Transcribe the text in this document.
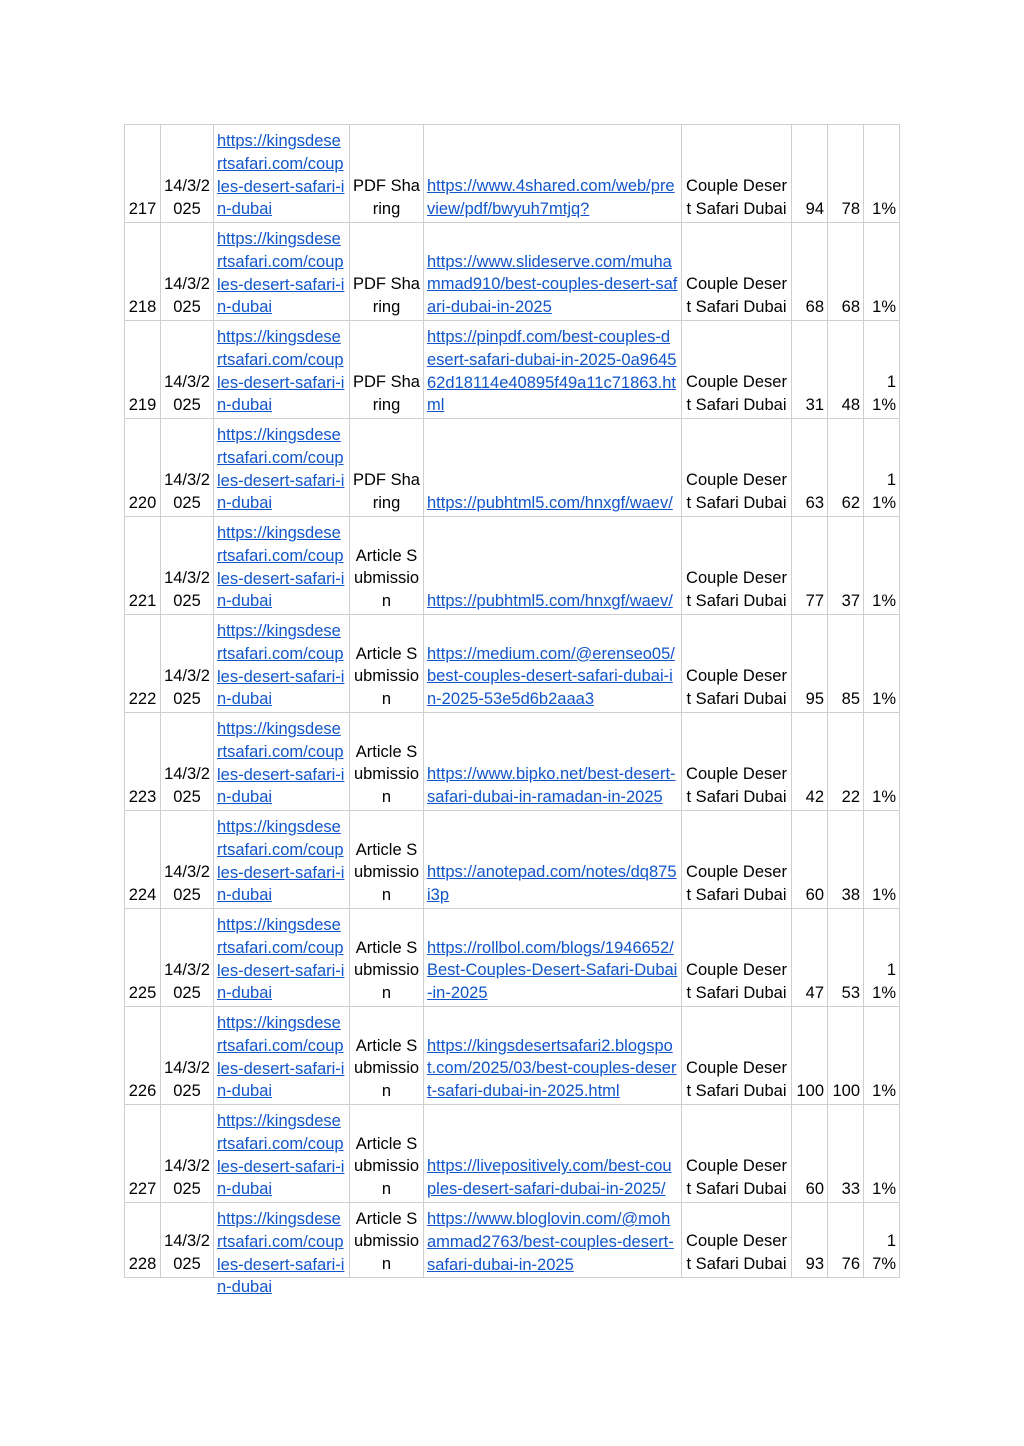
217	14/3/2025	https://kingsdesertsafari.com/couples-desert-safari-in-dubai	PDF Sharing	https://www.4shared.com/web/preview/pdf/bwyuh7mtjq?	Couple Desert Safari Dubai	94	78	1%
218	14/3/2025	https://kingsdesertsafari.com/couples-desert-safari-in-dubai	PDF Sharing	https://www.slideserve.com/muhammad910/best-couples-desert-safari-dubai-in-2025	Couple Desert Safari Dubai	68	68	1%
219	14/3/2025	https://kingsdesertsafari.com/couples-desert-safari-in-dubai	PDF Sharing	https://pinpdf.com/best-couples-desert-safari-dubai-in-2025-0a964562d18114e40895f49a11c71863.html	Couple Desert Safari Dubai	31	48	11%
220	14/3/2025	https://kingsdesertsafari.com/couples-desert-safari-in-dubai	PDF Sharing	https://pubhtml5.com/hnxgf/waev/	Couple Desert Safari Dubai	63	62	11%
221	14/3/2025	https://kingsdesertsafari.com/couples-desert-safari-in-dubai	Article Submission	https://pubhtml5.com/hnxgf/waev/	Couple Desert Safari Dubai	77	37	1%
222	14/3/2025	https://kingsdesertsafari.com/couples-desert-safari-in-dubai	Article Submission	https://medium.com/@erenseo05/best-couples-desert-safari-dubai-in-2025-53e5d6b2aaa3	Couple Desert Safari Dubai	95	85	1%
223	14/3/2025	https://kingsdesertsafari.com/couples-desert-safari-in-dubai	Article Submission	https://www.bipko.net/best-desert-safari-dubai-in-ramadan-in-2025	Couple Desert Safari Dubai	42	22	1%
224	14/3/2025	https://kingsdesertsafari.com/couples-desert-safari-in-dubai	Article Submission	https://anotepad.com/notes/dq875i3p	Couple Desert Safari Dubai	60	38	1%
225	14/3/2025	https://kingsdesertsafari.com/couples-desert-safari-in-dubai	Article Submission	https://rollbol.com/blogs/1946652/Best-Couples-Desert-Safari-Dubai-in-2025	Couple Desert Safari Dubai	47	53	11%
226	14/3/2025	https://kingsdesertsafari.com/couples-desert-safari-in-dubai	Article Submission	https://kingsdesertsafari2.blogspot.com/2025/03/best-couples-desert-safari-dubai-in-2025.html	Couple Desert Safari Dubai	100	100	1%
227	14/3/2025	https://kingsdesertsafari.com/couples-desert-safari-in-dubai	Article Submission	https://livepositively.com/best-couples-desert-safari-dubai-in-2025/	Couple Desert Safari Dubai	60	33	1%
228	14/3/2025	https://kingsdesertsafari.com/couples-desert-safari-in-dubai	Article Submission	https://www.bloglovin.com/@mohammad2763/best-couples-desert-safari-dubai-in-2025	Couple Desert Safari Dubai	93	76	17%
